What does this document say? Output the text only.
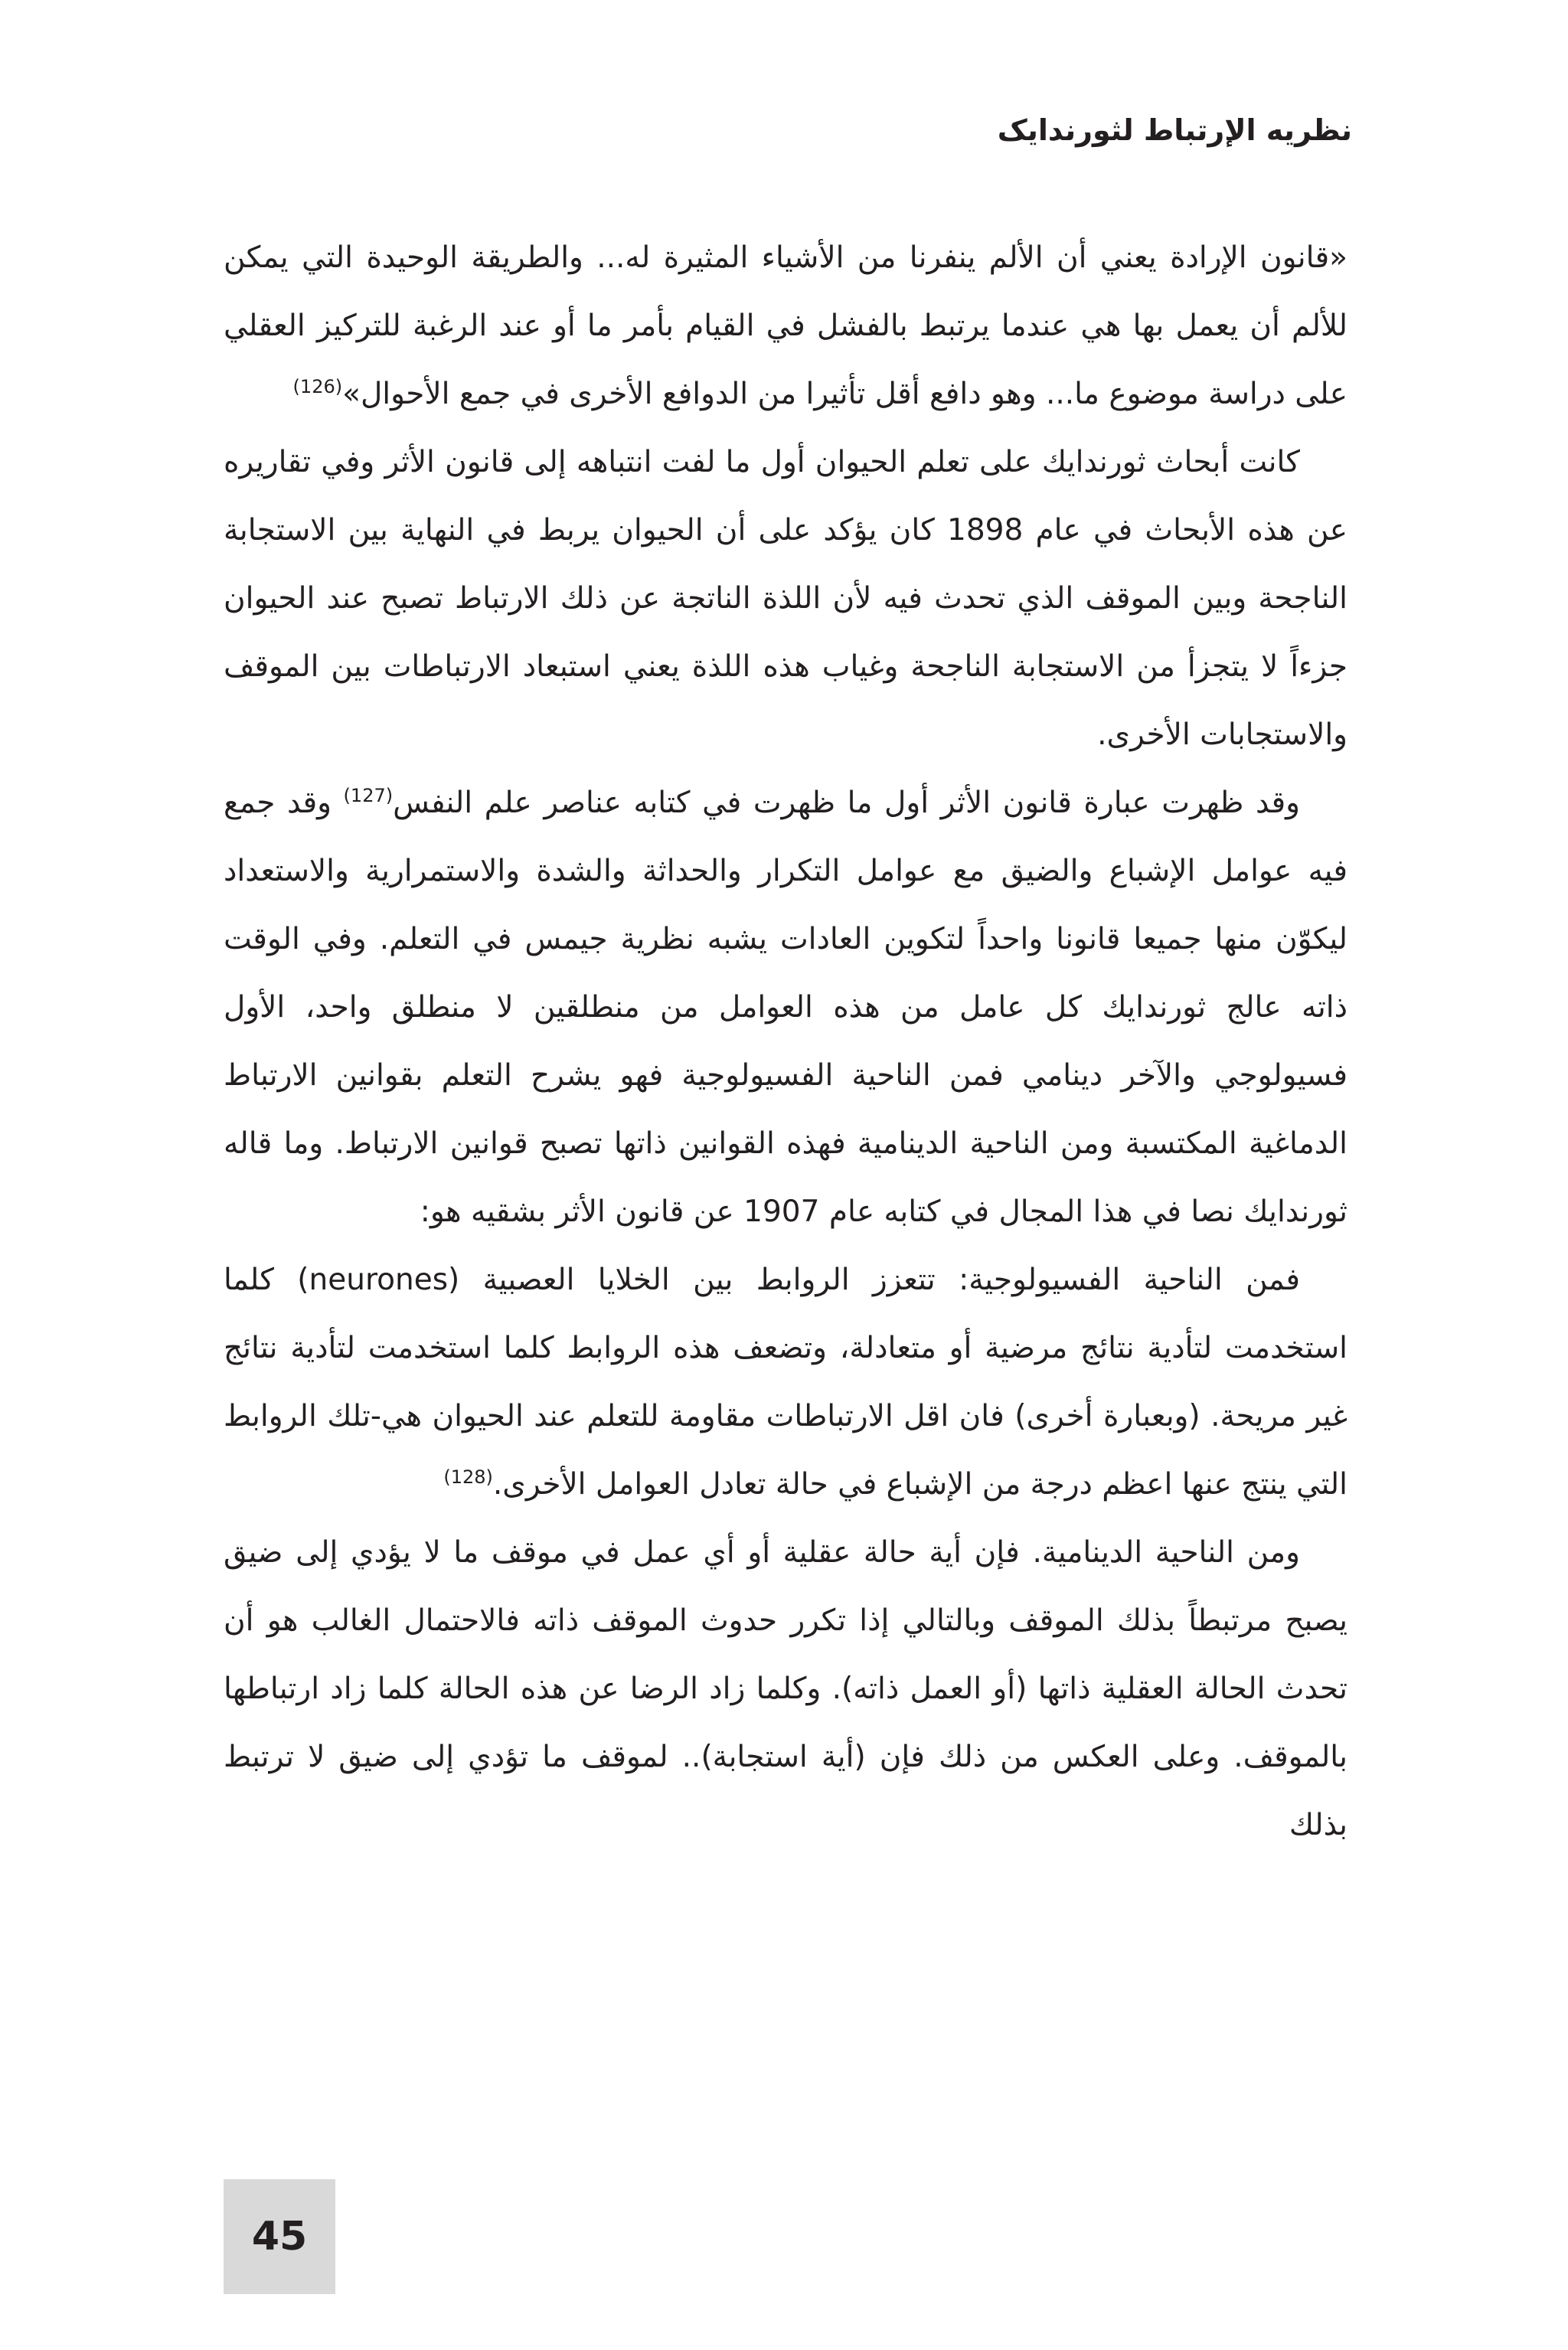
نظريه الإرتباط لثورندايک

«قانون الإرادة يعني أن الألم ينفرنا من الأشياء المثيرة له... والطريقة الوحيدة التي يمكن للألم أن يعمل بها هي عندما يرتبط بالفشل في القيام بأمر ما أو عند الرغبة للتركيز العقلي على دراسة موضوع ما... وهو دافع أقل تأثيرا من الدوافع الأخرى في جمع الأحوال»$^{(126)}$

كانت أبحاث ثورندايك على تعلم الحيوان أول ما لفت انتباهه إلى قانون الأثر وفي تقاريره عن هذه الأبحاث في عام 1898 كان يؤكد على أن الحيوان يربط في النهاية بين الاستجابة الناجحة وبين الموقف الذي تحدث فيه لأن اللذة الناتجة عن ذلك الارتباط تصبح عند الحيوان جزءاً لا يتجزأ من الاستجابة الناجحة وغياب هذه اللذة يعني استبعاد الارتباطات بين الموقف والاستجابات الأخرى.

وقد ظهرت عبارة قانون الأثر أول ما ظهرت في كتابه عناصر علم النفس$^{(127)}$ وقد جمع فيه عوامل الإشباع والضيق مع عوامل التكرار والحداثة والشدة والاستمرارية والاستعداد ليكوّن منها جميعا قانونا واحداً لتكوين العادات يشبه نظرية جيمس في التعلم. وفي الوقت ذاته عالج ثورندايك كل عامل من هذه العوامل من منطلقين لا منطلق واحد، الأول فسيولوجي والآخر دينامي فمن الناحية الفسيولوجية فهو يشرح التعلم بقوانين الارتباط الدماغية المكتسبة ومن الناحية الدينامية فهذه القوانين ذاتها تصبح قوانين الارتباط. وما قاله ثورندايك نصا في هذا المجال في كتابه عام 1907 عن قانون الأثر بشقيه هو:

فمن الناحية الفسيولوجية: تتعزز الروابط بين الخلايا العصبية (neurones) كلما استخدمت لتأدية نتائج مرضية أو متعادلة، وتضعف هذه الروابط كلما استخدمت لتأدية نتائج غير مريحة. (وبعبارة أخرى) فان اقل الارتباطات مقاومة للتعلم عند الحيوان هي-تلك الروابط التي ينتج عنها اعظم درجة من الإشباع في حالة تعادل العوامل الأخرى.$^{(128)}$

ومن الناحية الدينامية. فإن أية حالة عقلية أو أي عمل في موقف ما لا يؤدي إلى ضيق يصبح مرتبطاً بذلك الموقف وبالتالي إذا تكرر حدوث الموقف ذاته فالاحتمال الغالب هو أن تحدث الحالة العقلية ذاتها (أو العمل ذاته). وكلما زاد الرضا عن هذه الحالة كلما زاد ارتباطها بالموقف. وعلى العكس من ذلك فإن (أية استجابة).. لموقف ما تؤدي إلى ضيق لا ترتبط بذلك

45
